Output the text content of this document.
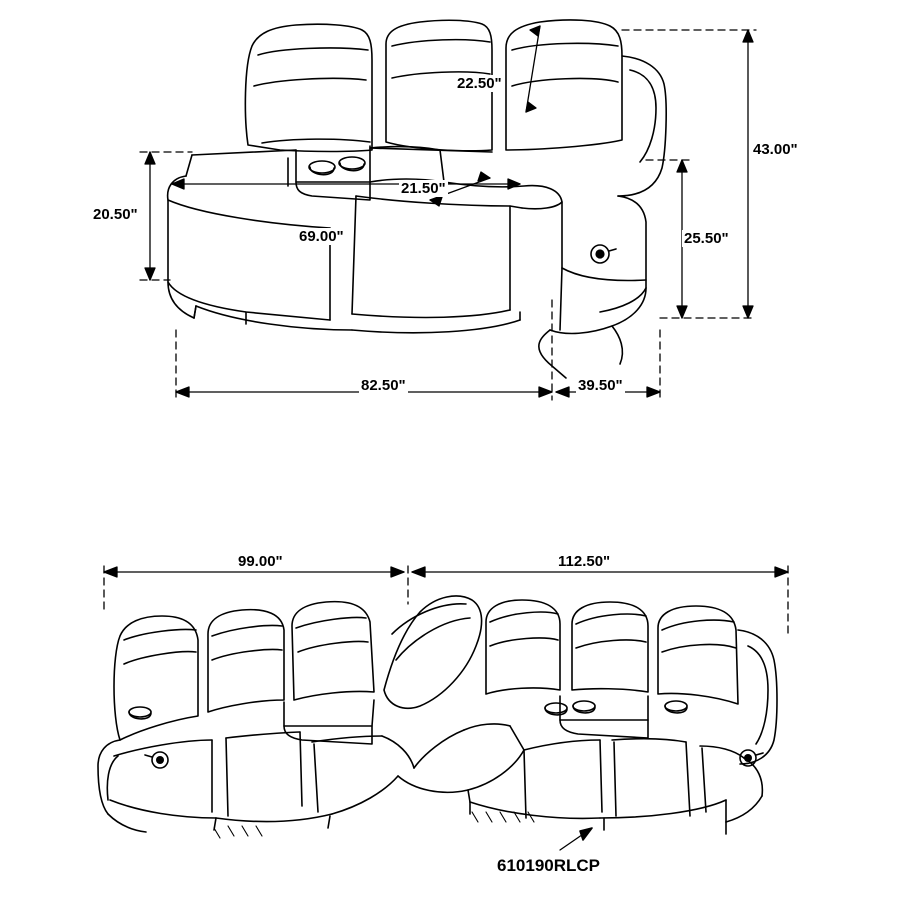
22.50"
43.00"
20.50"
21.50"
25.50"
69.00"
82.50"	39.50"
99.00"	112.50"
610190RLCP
